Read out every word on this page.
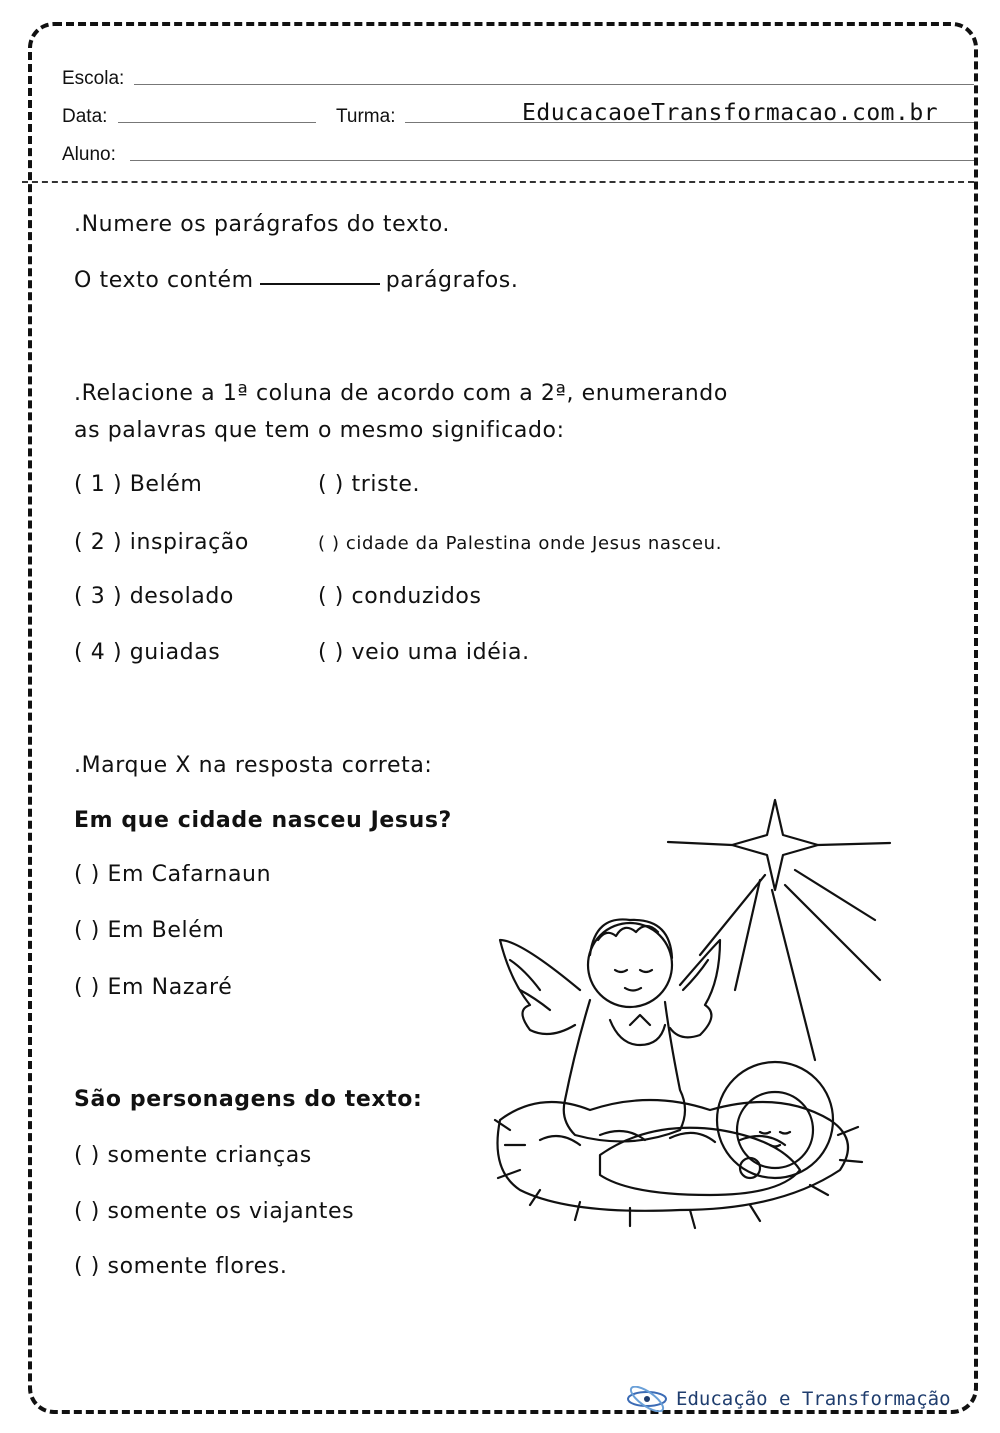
Escola:
Data:	Turma:	EducacaoeTransformacao.com.br
Aluno:
.Numere os parágrafos do texto.
O texto contém	parágrafos.
.Relacione a 1ª coluna de acordo com a 2ª, enumerando
as palavras que tem o mesmo significado:
( 1 ) Belém	( ) triste.
( 2 ) inspiração	( ) cidade da Palestina onde Jesus nasceu.
( 3 ) desolado	( ) conduzidos
( 4 ) guiadas	( ) veio uma idéia.
.Marque X na resposta correta:
Em que cidade nasceu Jesus?
( ) Em Cafarnaun
( ) Em Belém
( ) Em Nazaré
São personagens do texto:
( ) somente crianças
( ) somente os viajantes
( ) somente flores.
Educação e Transformação
